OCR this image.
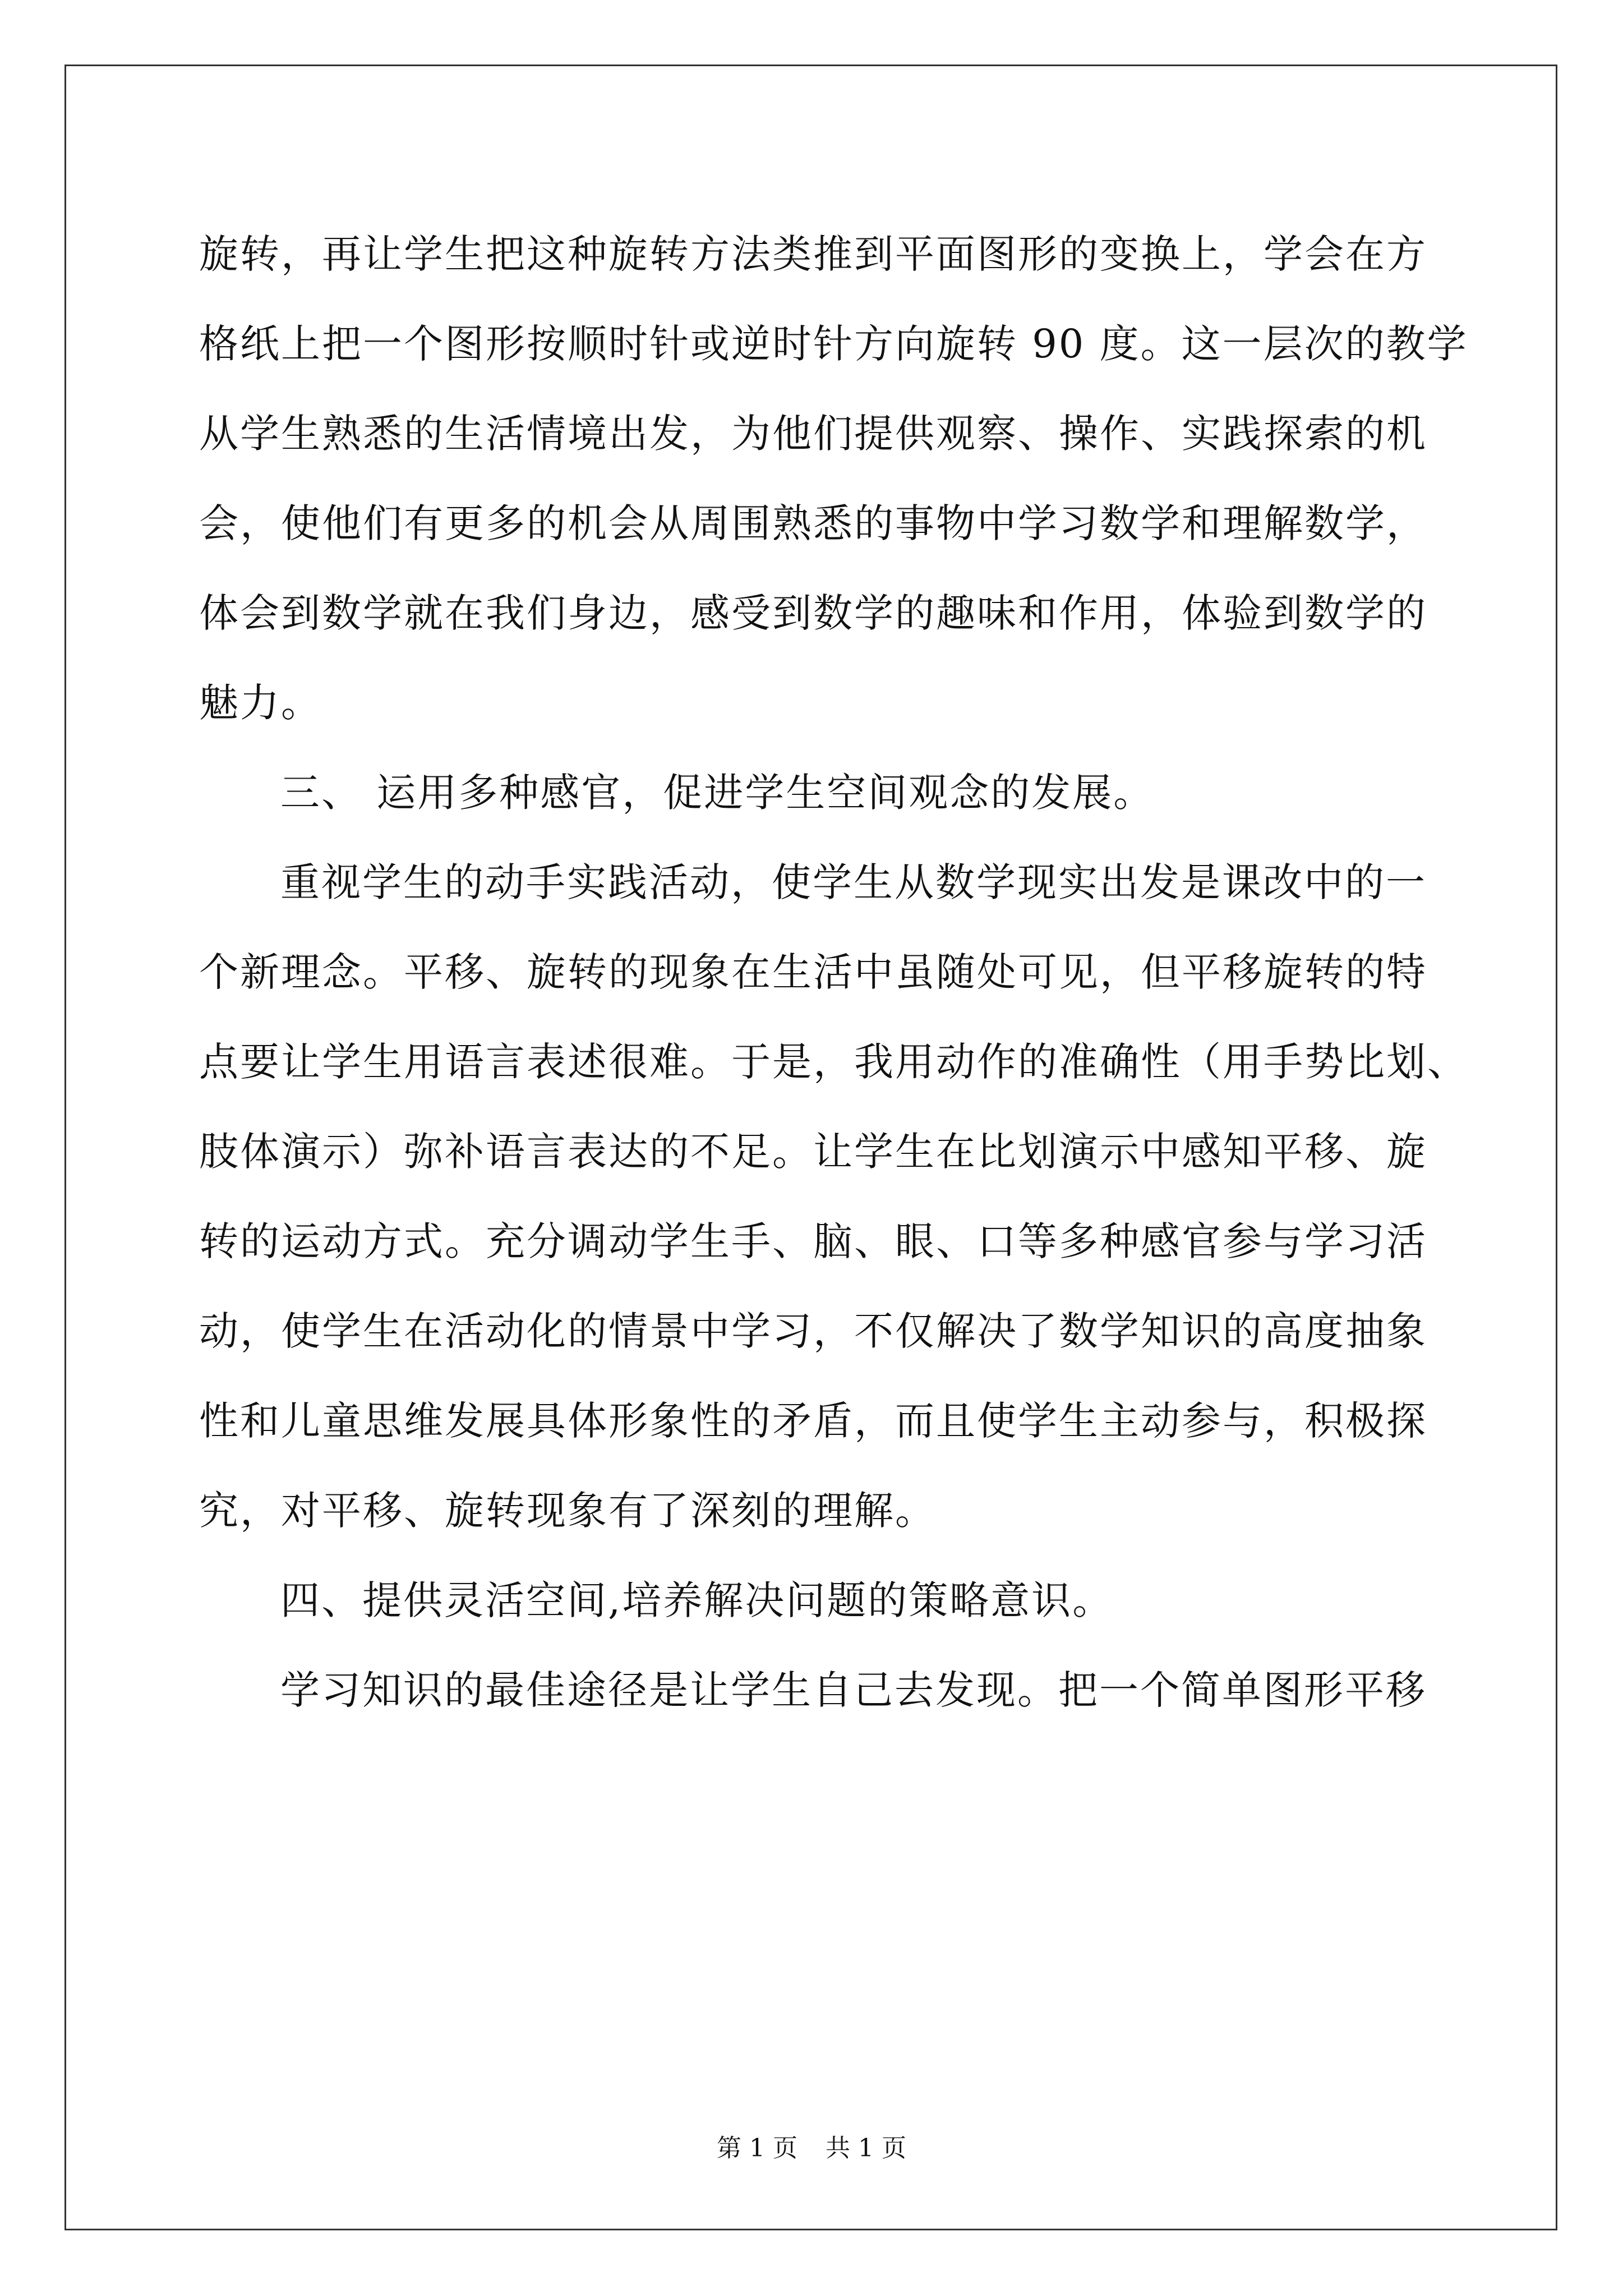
旋转，再让学生把这种旋转方法类推到平面图形的变换上，学会在方
格纸上把一个图形按顺时针或逆时针方向旋转 90 度。这一层次的教学
从学生熟悉的生活情境出发，为他们提供观察、操作、实践探索的机
会，使他们有更多的机会从周围熟悉的事物中学习数学和理解数学，
体会到数学就在我们身边，感受到数学的趣味和作用，体验到数学的
魅力。
三、 运用多种感官，促进学生空间观念的发展。
重视学生的动手实践活动，使学生从数学现实出发是课改中的一
个新理念。平移、旋转的现象在生活中虽随处可见，但平移旋转的特
点要让学生用语言表述很难。于是，我用动作的准确性（用手势比划、
肢体演示）弥补语言表达的不足。让学生在比划演示中感知平移、旋
转的运动方式。充分调动学生手、脑、眼、口等多种感官参与学习活
动，使学生在活动化的情景中学习，不仅解决了数学知识的高度抽象
性和儿童思维发展具体形象性的矛盾，而且使学生主动参与，积极探
究，对平移、旋转现象有了深刻的理解。
四、提供灵活空间,培养解决问题的策略意识。
学习知识的最佳途径是让学生自己去发现。把一个简单图形平移
第 1 页 共 1 页
